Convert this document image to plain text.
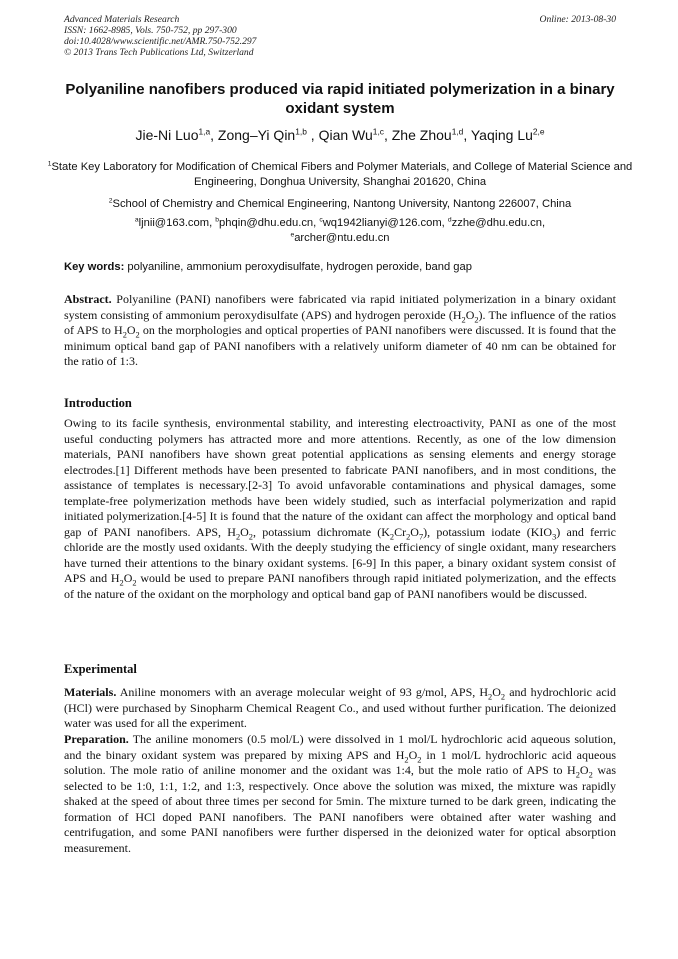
Advanced Materials Research
ISSN: 1662-8985, Vols. 750-752, pp 297-300
doi:10.4028/www.scientific.net/AMR.750-752.297
© 2013 Trans Tech Publications Ltd, Switzerland
Online: 2013-08-30
Polyaniline nanofibers produced via rapid initiated polymerization in a binary oxidant system
Jie-Ni Luo$^{1,a}$, Zong–Yi Qin$^{1,b}$ , Qian Wu$^{1,c}$, Zhe Zhou$^{1,d}$, Yaqing Lu$^{2,e}$
$^1$State Key Laboratory for Modification of Chemical Fibers and Polymer Materials, and College of Material Science and Engineering, Donghua University, Shanghai 201620, China
$^2$School of Chemistry and Chemical Engineering, Nantong University, Nantong 226007, China
$^a$ljnii@163.com, $^b$phqin@dhu.edu.cn, $^c$wq1942lianyi@126.com, $^d$zzhe@dhu.edu.cn,
$^e$archer@ntu.edu.cn
Key words: polyaniline, ammonium peroxydisulfate, hydrogen peroxide, band gap
Abstract. Polyaniline (PANI) nanofibers were fabricated via rapid initiated polymerization in a binary oxidant system consisting of ammonium peroxydisulfate (APS) and hydrogen peroxide $(H_2O_2)$. The influence of the ratios of APS to $H_2O_2$ on the morphologies and optical properties of PANI nanofibers were discussed. It is found that the minimum optical band gap of PANI nanofibers with a relatively uniform diameter of 40 nm can be obtained for the ratio of 1:3.
Introduction
Owing to its facile synthesis, environmental stability, and interesting electroactivity, PANI as one of the most useful conducting polymers has attracted more and more attentions. Recently, as one of the low dimension materials, PANI nanofibers have shown great potential applications as sensing elements and energy storage electrodes.[1] Different methods have been presented to fabricate PANI nanofibers, and in most conditions, the assistance of templates is necessary.[2-3] To avoid unfavorable contaminations and physical damages, some template-free polymerization methods have been widely studied, such as interfacial polymerization and rapid initiated polymerization.[4-5] It is found that the nature of the oxidant can affect the morphology and optical band gap of PANI nanofibers. APS, $H_2O_2$, potassium dichromate $(K_2Cr_2O_7)$, potassium iodate $(KIO_3)$ and ferric chloride are the mostly used oxidants. With the deeply studying the efficiency of single oxidant, many researchers have turned their attentions to the binary oxidant systems. [6-9] In this paper, a binary oxidant system consist of APS and $H_2O_2$ would be used to prepare PANI nanofibers through rapid initiated polymerization, and the effects of the nature of the oxidant on the morphology and optical band gap of PANI nanofibers would be discussed.
Experimental
Materials. Aniline monomers with an average molecular weight of 93 g/mol, APS, $H_2O_2$ and hydrochloric acid (HCl) were purchased by Sinopharm Chemical Reagent Co., and used without further purification. The deionized water was used for all the experiment.
Preparation. The aniline monomers (0.5 mol/L) were dissolved in 1 mol/L hydrochloric acid aqueous solution, and the binary oxidant system was prepared by mixing APS and $H_2O_2$ in 1 mol/L hydrochloric acid aqueous solution. The mole ratio of aniline monomer and the oxidant was 1:4, but the mole ratio of APS to $H_2O_2$ was selected to be 1:0, 1:1, 1:2, and 1:3, respectively. Once above the solution was mixed, the mixture was rapidly shaked at the speed of about three times per second for 5min. The mixture turned to be dark green, indicating the formation of HCl doped PANI nanofibers. The PANI nanofibers were obtained after water washing and centrifugation, and some PANI nanofibers were further dispersed in the deionized water for optical absorption measurement.
